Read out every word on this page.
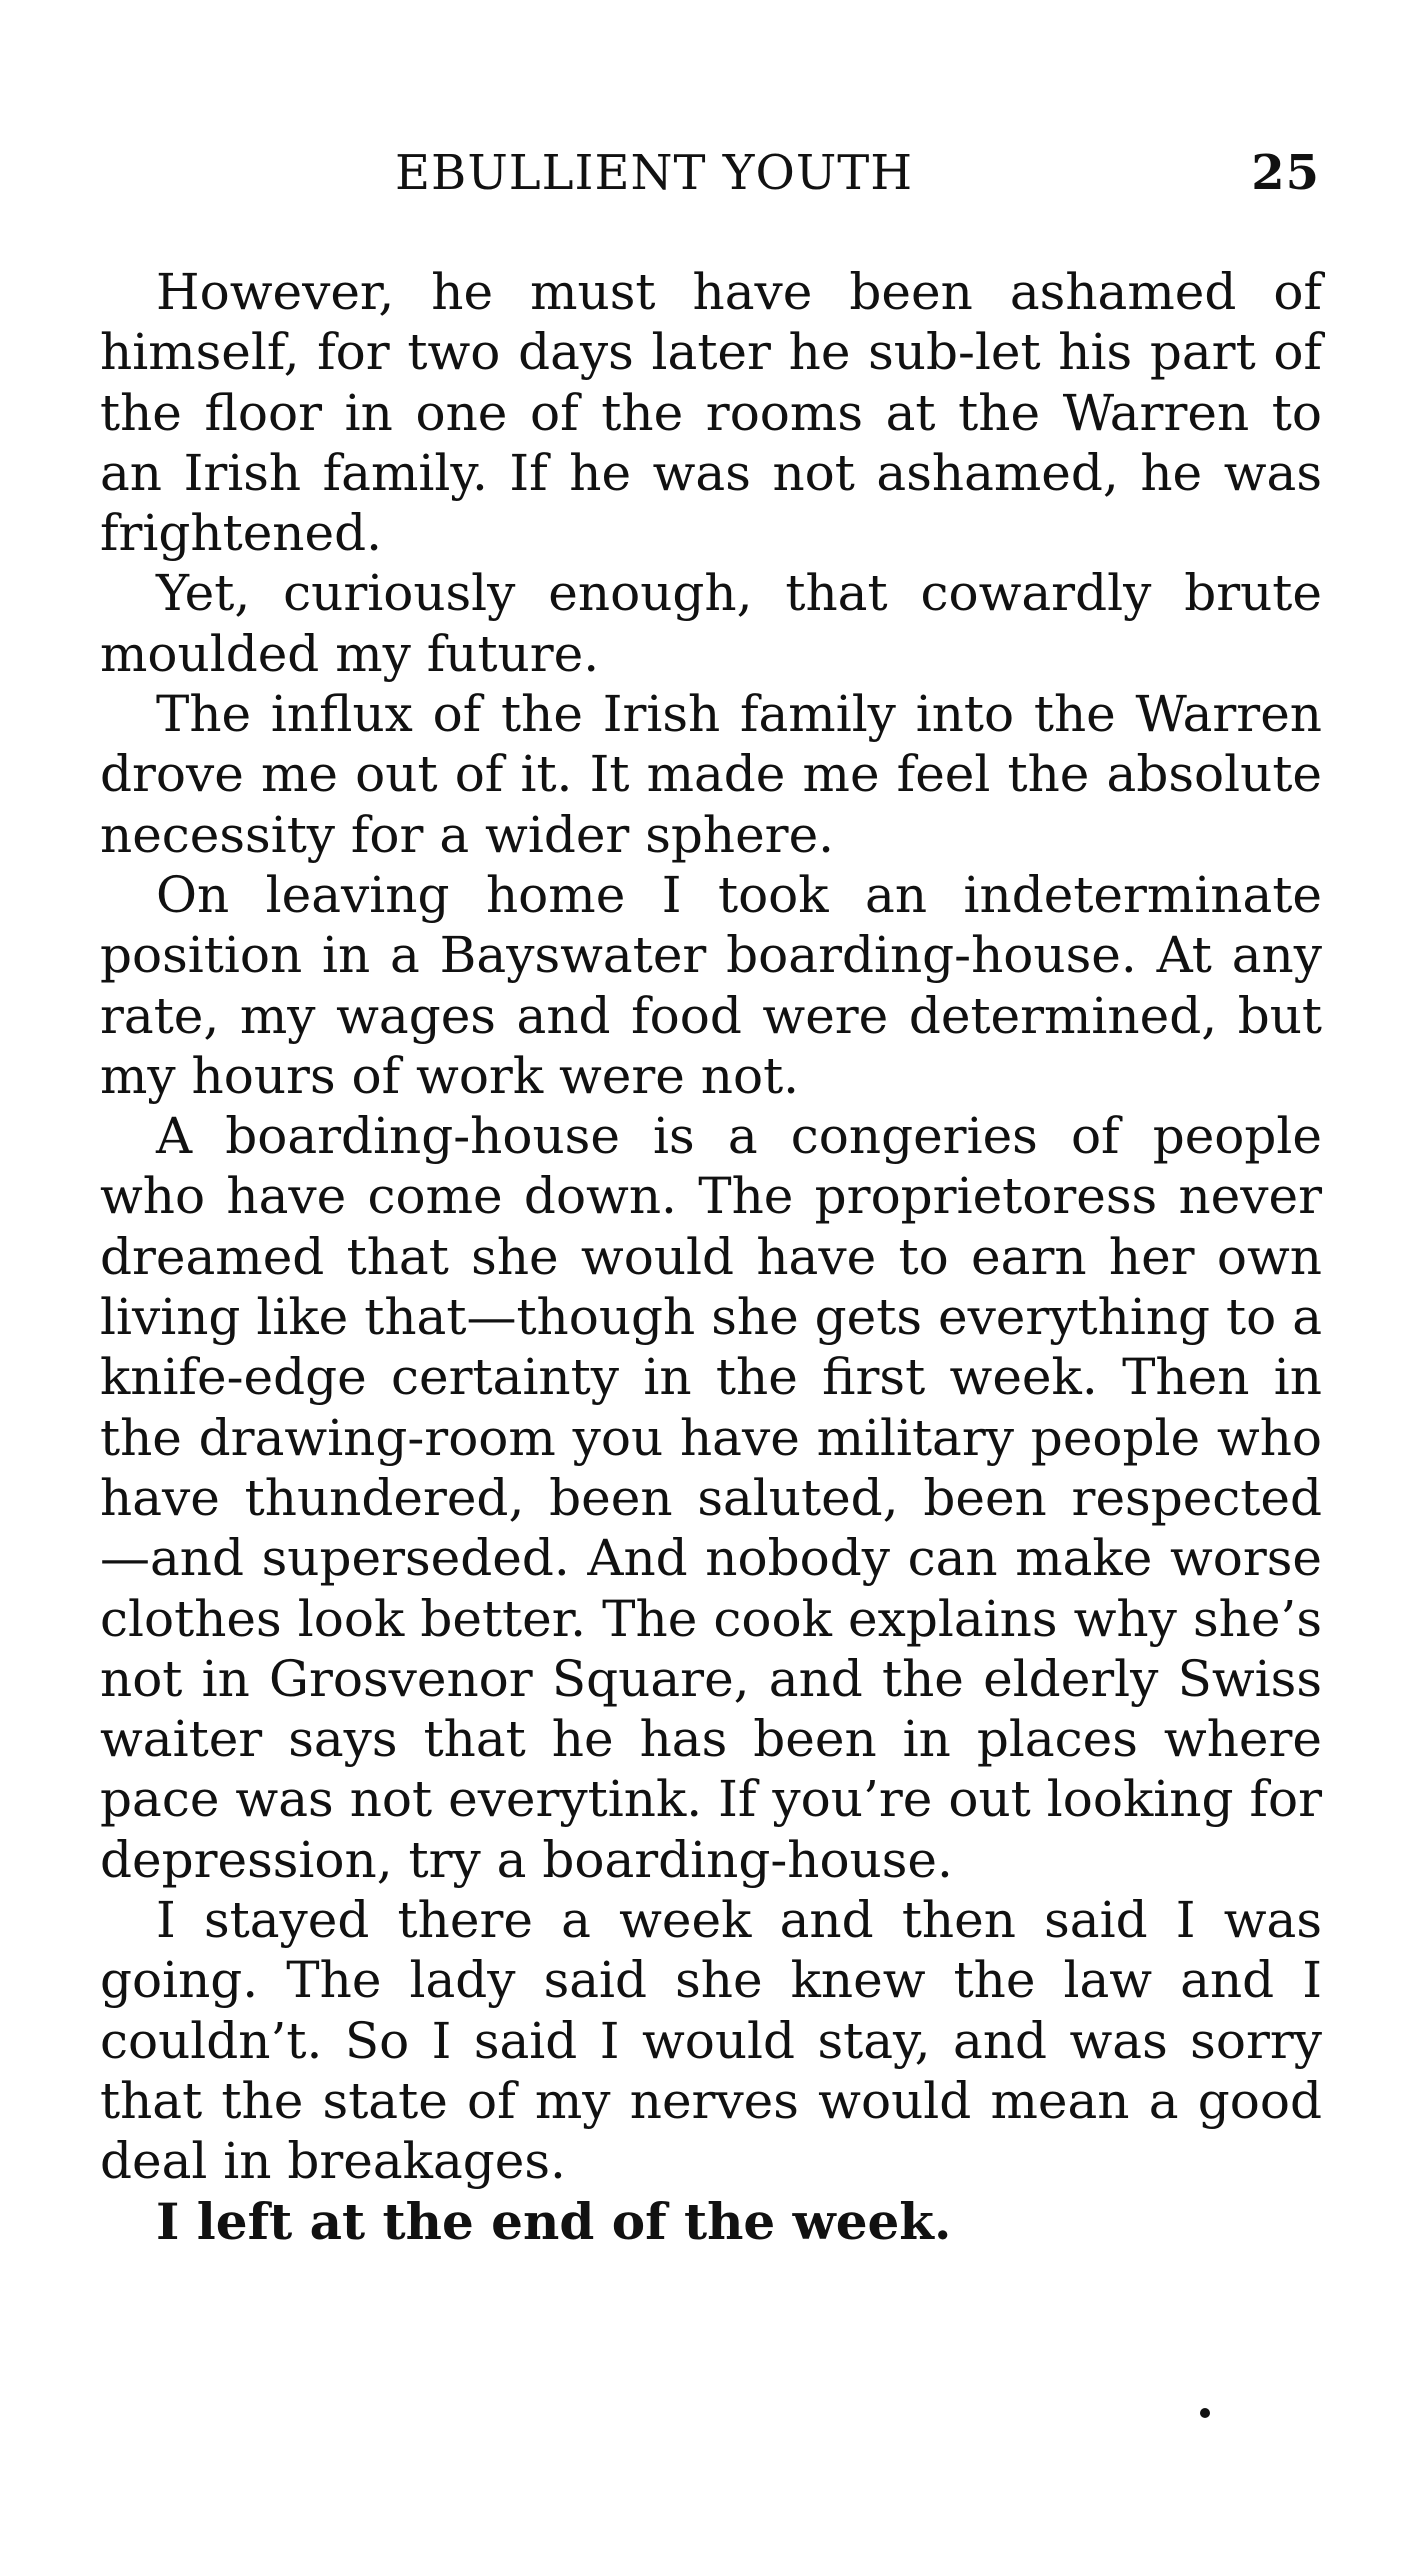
EBULLIENT YOUTH	25

However, he must have been ashamed of himself, for two days later he sub-let his part of the floor in one of the rooms at the Warren to an Irish family. If he was not ashamed, he was frightened.

Yet, curiously enough, that cowardly brute moulded my future.

The influx of the Irish family into the Warren drove me out of it. It made me feel the absolute necessity for a wider sphere.

On leaving home I took an indeterminate position in a Bayswater boarding-house. At any rate, my wages and food were determined, but my hours of work were not.

A boarding-house is a congeries of people who have come down. The proprietoress never dreamed that she would have to earn her own living like that—though she gets everything to a knife-edge certainty in the first week. Then in the drawing-room you have military people who have thundered, been saluted, been respected—and superseded. And nobody can make worse clothes look better. The cook explains why she’s not in Grosvenor Square, and the elderly Swiss waiter says that he has been in places where pace was not everytink. If you’re out looking for depression, try a boarding-house.

I stayed there a week and then said I was going. The lady said she knew the law and I couldn’t. So I said I would stay, and was sorry that the state of my nerves would mean a good deal in breakages.

I left at the end of the week.
